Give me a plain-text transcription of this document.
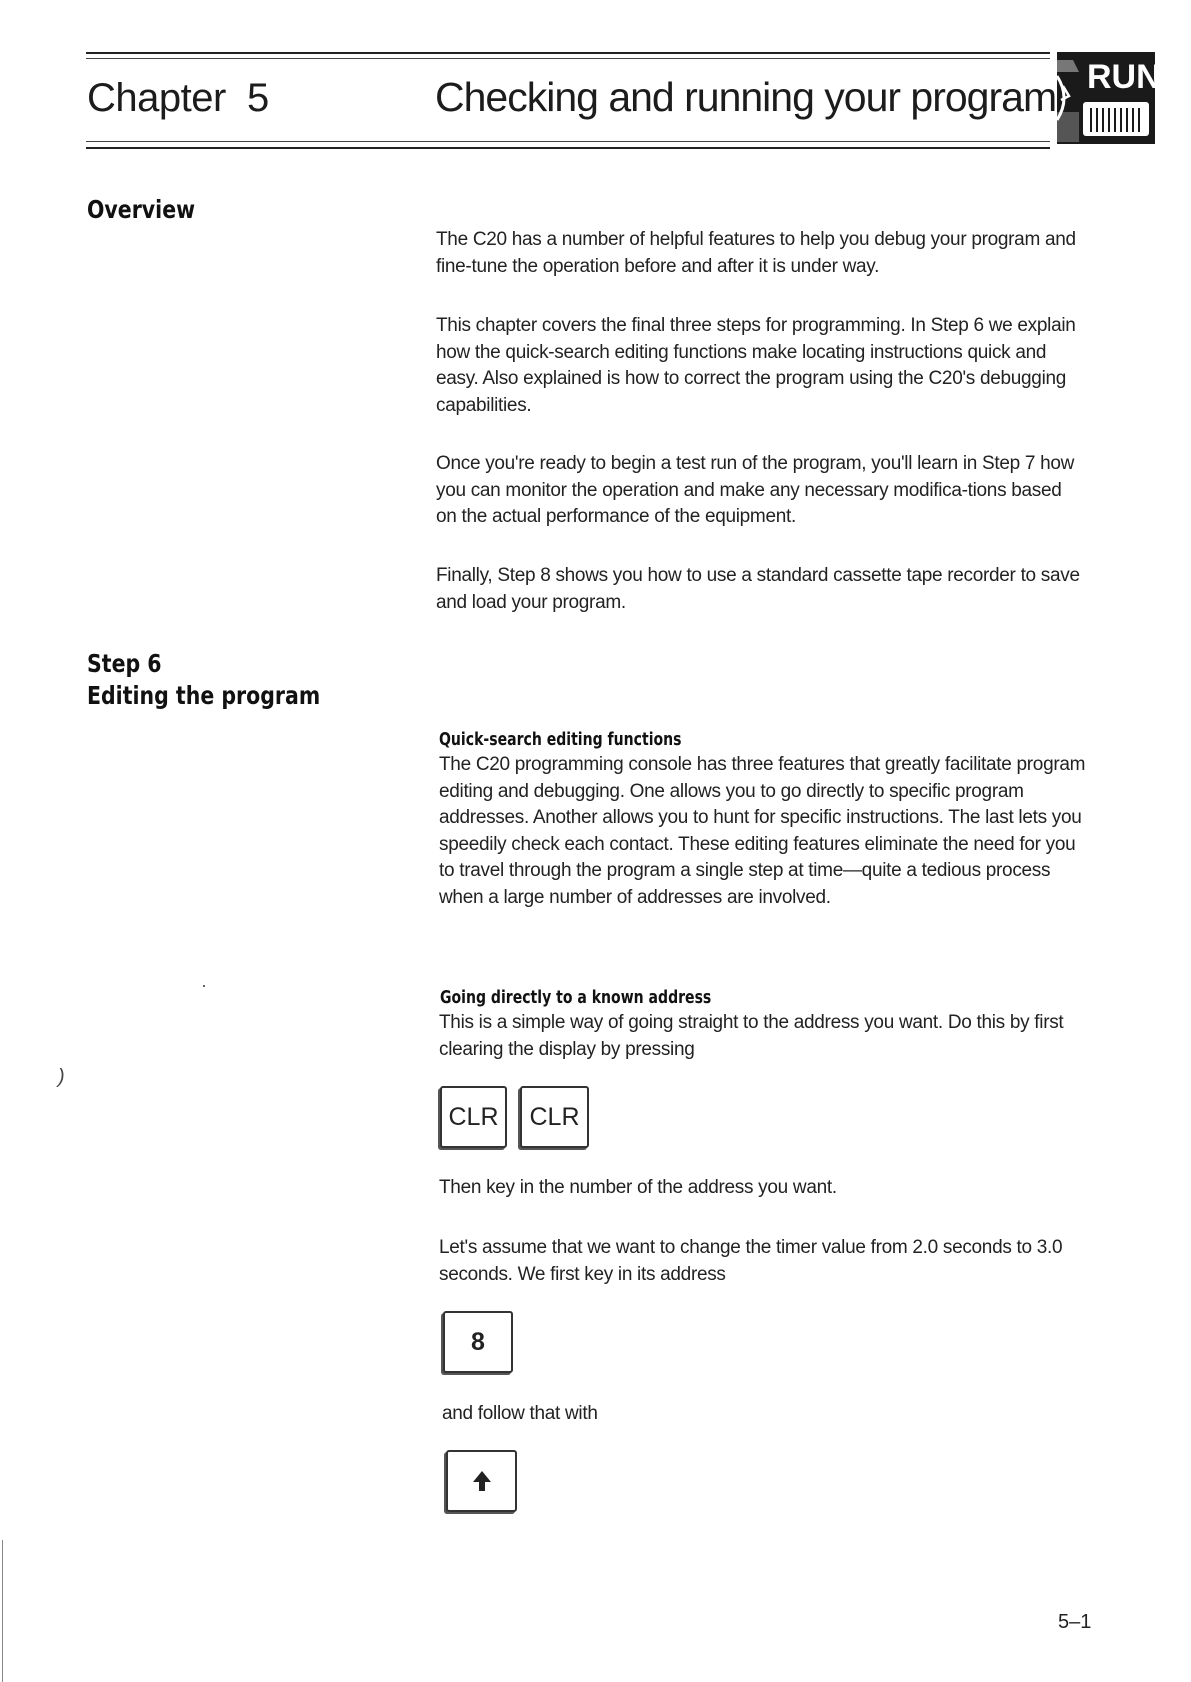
Chapter  5	Checking and running your program RUN
Overview
Step 6
Editing the program
The C20 has a number of helpful features to help you debug your program and fine-tune the operation before and after it is under way.
This chapter covers the final three steps for programming. In Step 6 we explain how the quick-search editing functions make locating instructions quick and easy. Also explained is how to correct the program using the C20's debugging capabilities.
Once you're ready to begin a test run of the program, you'll learn in Step 7 how you can monitor the operation and make any necessary modifica-tions based on the actual performance of the equipment.
Finally, Step 8 shows you how to use a standard cassette tape recorder to save and load your program.
Quick-search editing functions
The C20 programming console has three features that greatly facilitate program editing and debugging. One allows you to go directly to specific program addresses. Another allows you to hunt for specific instructions. The last lets you speedily check each contact. These editing features eliminate the need for you to travel through the program a single step at time—quite a tedious process when a large number of addresses are involved.
Going directly to a known address
This is a simple way of going straight to the address you want. Do this by first clearing the display by pressing
CLR	CLR
Then key in the number of the address you want.
Let's assume that we want to change the timer value from 2.0 seconds to 3.0 seconds. We first key in its address
8
and follow that with
)
5–1
